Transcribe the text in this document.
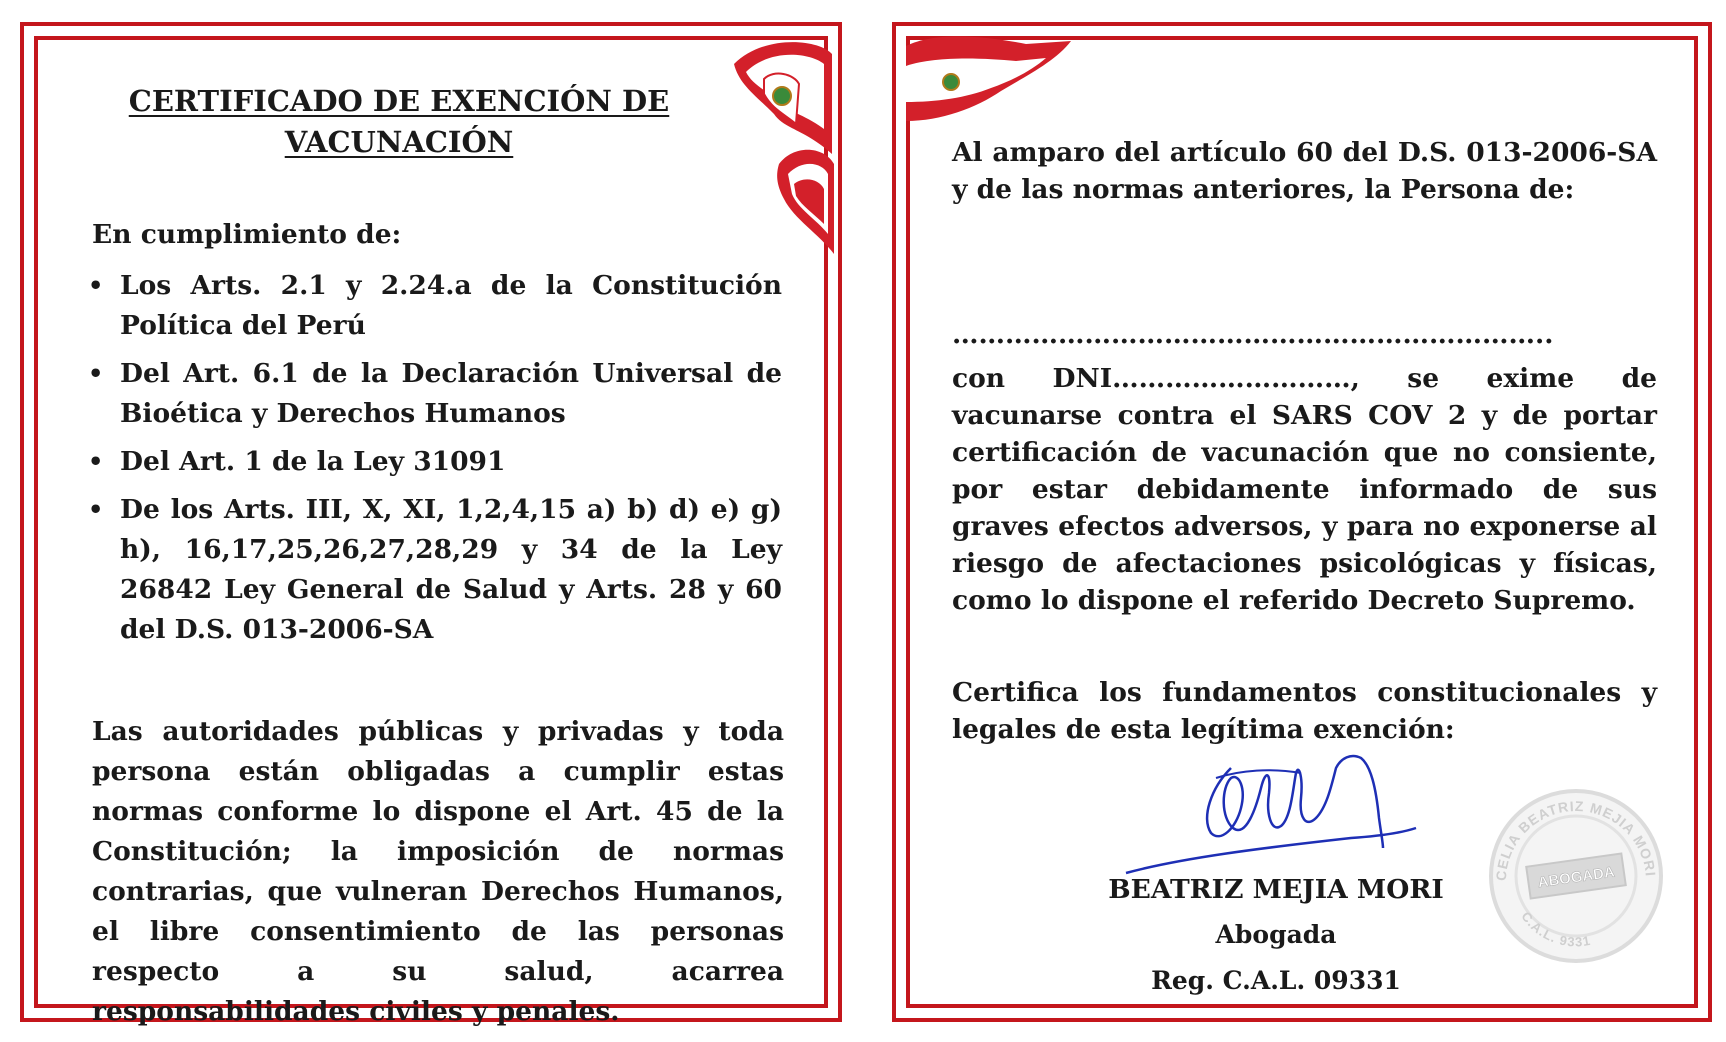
CERTIFICADO DE EXENCIÓN DE
VACUNACIÓN
En cumplimiento de:
• Los Arts. 2.1 y 2.24.a de la Constitución Política del Perú
• Del Art. 6.1 de la Declaración Universal de Bioética y Derechos Humanos
• Del Art. 1 de la Ley 31091
• De los Arts. III, X, XI, 1,2,4,15 a) b) d) e) g) h), 16,17,25,26,27,28,29 y 34 de la Ley 26842 Ley General de Salud y Arts. 28 y 60 del D.S. 013-2006-SA
Las autoridades públicas y privadas y toda persona están obligadas a cumplir estas normas conforme lo dispone el Art. 45 de la Constitución; la imposición de normas contrarias, que vulneran Derechos Humanos, el libre consentimiento de las personas respecto a su salud, acarrea responsabilidades civiles y penales.
Al amparo del artículo 60 del D.S. 013-2006-SA y de las normas anteriores, la Persona de:
…………………………………………………………..
con DNI………………………, se exime de vacunarse contra el SARS COV 2 y de portar certificación de vacunación que no consiente, por estar debidamente informado de sus graves efectos adversos, y para no exponerse al riesgo de afectaciones psicológicas y físicas, como lo dispone el referido Decreto Supremo.
Certifica los fundamentos constitucionales y legales de esta legítima exención:
ABOGADA
CELIA BEATRIZ MEJIA MORI
C.A.L. 9331
BEATRIZ MEJIA MORI
Abogada
Reg. C.A.L. 09331
